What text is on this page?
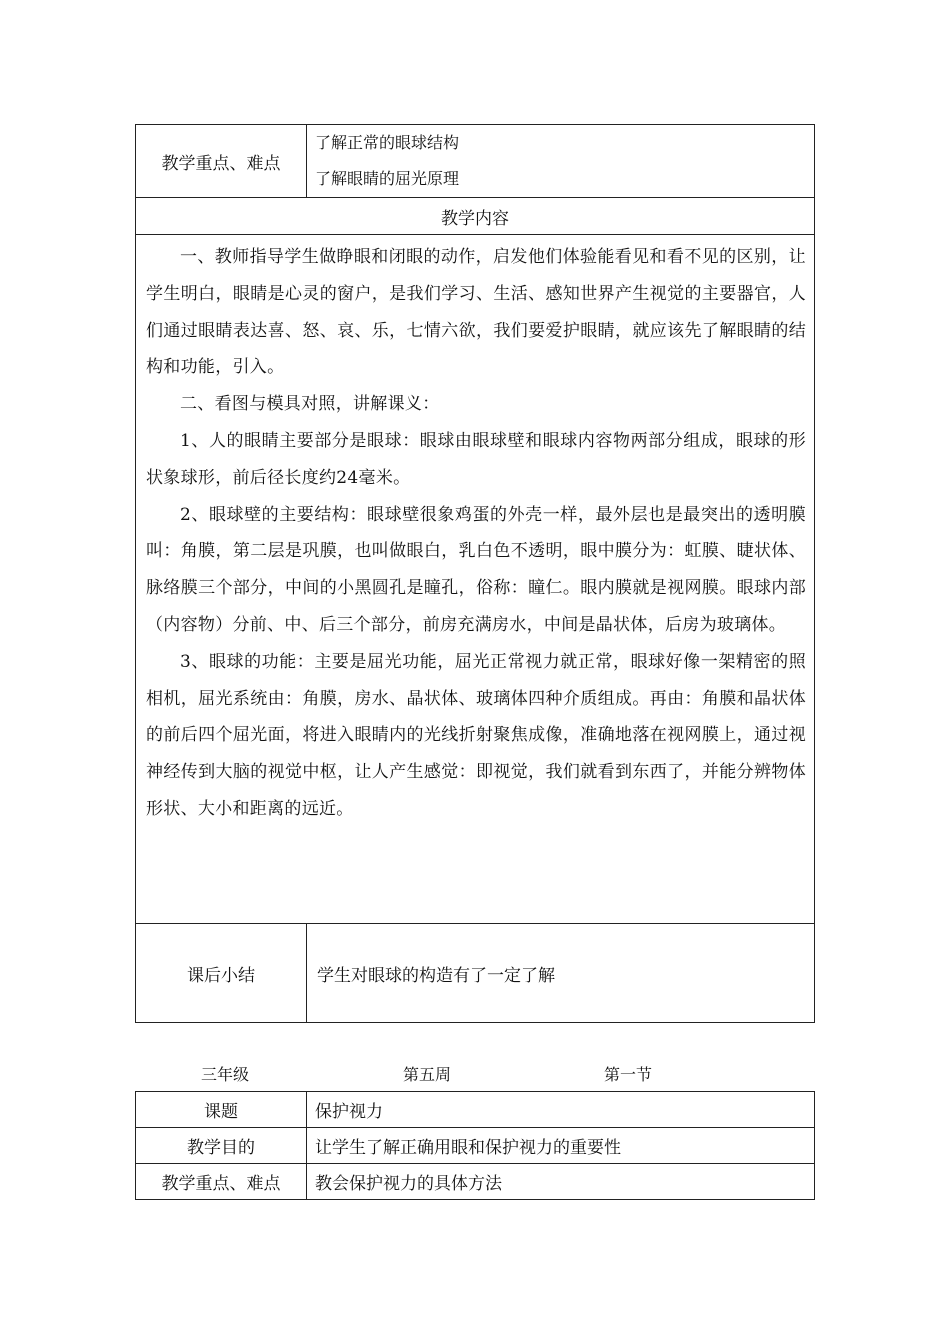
教学重点、难点	了解正常的眼球结构
了解眼睛的屈光原理

教学内容	

一、教师指导学生做睁眼和闭眼的动作，启发他们体验能看见和看不见的区别，让学生明白，眼睛是心灵的窗户，是我们学习、生活、感知世界产生视觉的主要器官，人们通过眼睛表达喜、怒、哀、乐，七情六欲，我们要爱护眼睛，就应该先了解眼睛的结构和功能，引入。

二、看图与模具对照，讲解课义：

1、人的眼睛主要部分是眼球：眼球由眼球壁和眼球内容物两部分组成，眼球的形状象球形，前后径长度约24毫米。

2、眼球壁的主要结构：眼球壁很象鸡蛋的外壳一样，最外层也是最突出的透明膜叫：角膜，第二层是巩膜，也叫做眼白，乳白色不透明，眼中膜分为：虹膜、睫状体、脉络膜三个部分，中间的小黑圆孔是瞳孔，俗称：瞳仁。眼内膜就是视网膜。眼球内部（内容物）分前、中、后三个部分，前房充满房水，中间是晶状体，后房为玻璃体。

3、眼球的功能：主要是屈光功能，屈光正常视力就正常，眼球好像一架精密的照相机，屈光系统由：角膜，房水、晶状体、玻璃体四种介质组成。再由：角膜和晶状体的前后四个屈光面，将进入眼睛内的光线折射聚焦成像，准确地落在视网膜上，通过视神经传到大脑的视觉中枢，让人产生感觉：即视觉，我们就看到东西了，并能分辨物体形状、大小和距离的远近。	

课后小结	学生对眼球的构造有了一定了解
三年级	第五周	第一节
课题	保护视力
教学目的	让学生了解正确用眼和保护视力的重要性
教学重点、难点	教会保护视力的具体方法
